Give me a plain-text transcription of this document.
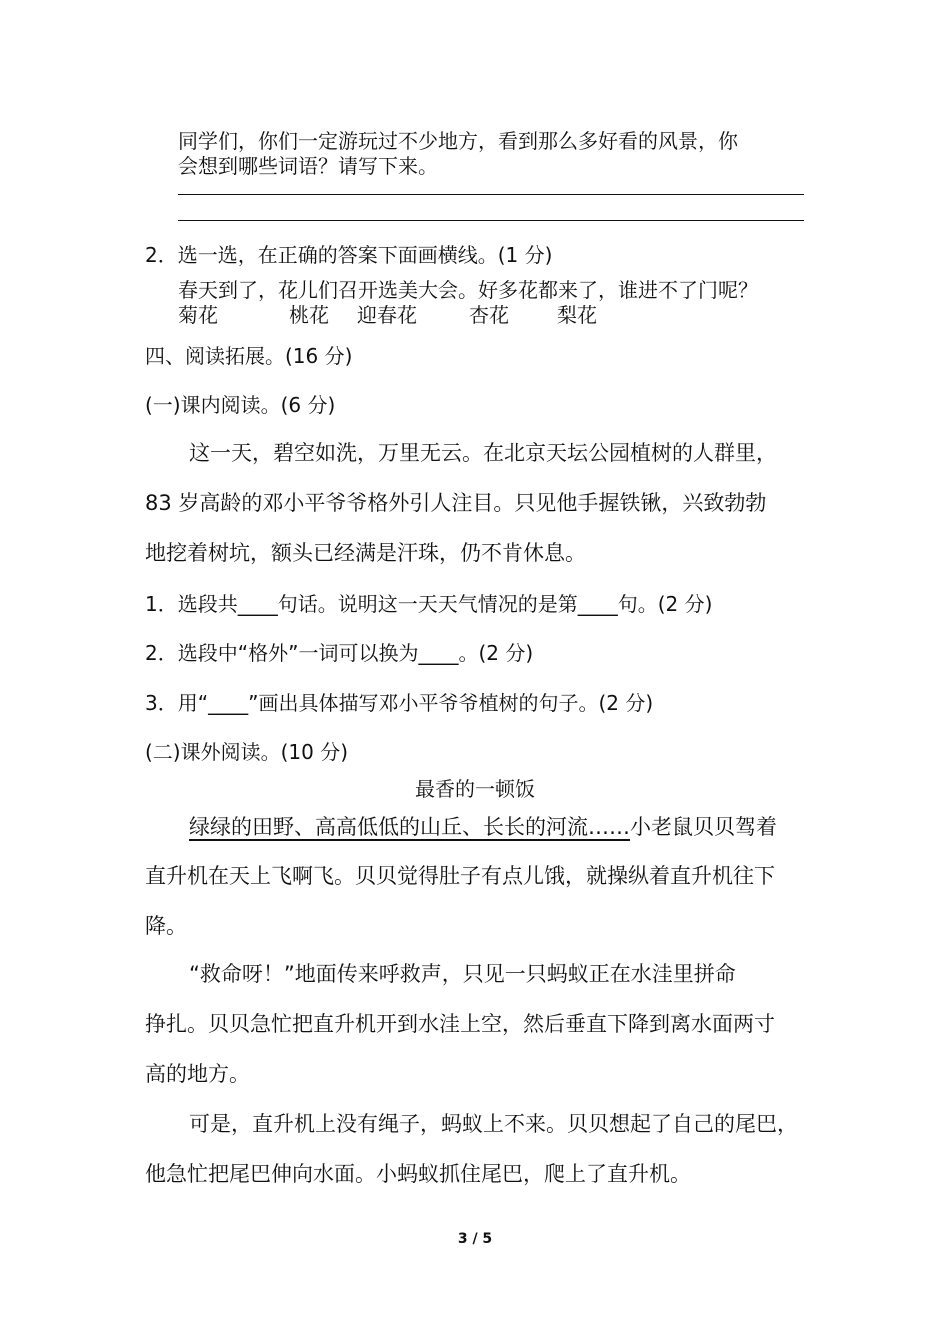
同学们，你们一定游玩过不少地方，看到那么多好看的风景，你
会想到哪些词语？请写下来。
2．选一选，在正确的答案下面画横线。(1 分)
春天到了，花儿们召开选美大会。好多花都来了，谁进不了门呢？
菊花	桃花 迎春花	杏花 梨花
四、阅读拓展。(16 分)
(一)课内阅读。(6 分)
这一天，碧空如洗，万里无云。在北京天坛公园植树的人群里，
83 岁高龄的邓小平爷爷格外引人注目。只见他手握铁锹，兴致勃勃
地挖着树坑，额头已经满是汗珠，仍不肯休息。
1．选段共____句话。说明这一天天气情况的是第____句。(2 分)
2．选段中“格外”一词可以换为____。(2 分)
3．用“____”画出具体描写邓小平爷爷植树的句子。(2 分)
(二)课外阅读。(10 分)
最香的一顿饭
绿绿的田野、高高低低的山丘、长长的河流……小老鼠贝贝驾着
直升机在天上飞啊飞。贝贝觉得肚子有点儿饿，就操纵着直升机往下
降。
“救命呀！”地面传来呼救声，只见一只蚂蚁正在水洼里拼命
挣扎。贝贝急忙把直升机开到水洼上空，然后垂直下降到离水面两寸
高的地方。
可是，直升机上没有绳子，蚂蚁上不来。贝贝想起了自己的尾巴，
他急忙把尾巴伸向水面。小蚂蚁抓住尾巴，爬上了直升机。
3 / 5
